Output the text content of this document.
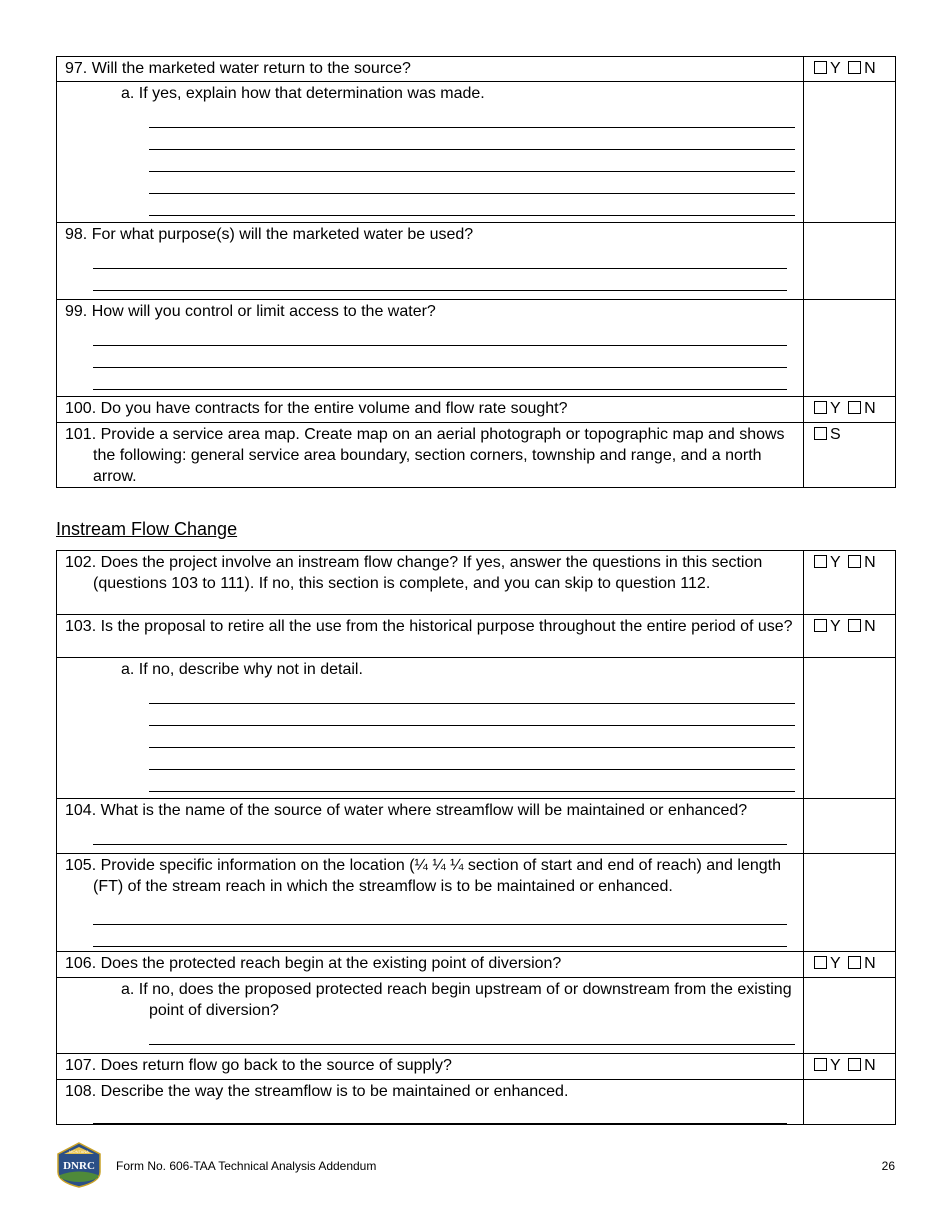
97. Will the marketed water return to the source?	Y N

a. If yes, explain how that determination was made.	

98. For what purpose(s) will the marketed water be used?	

99. How will you control or limit access to the water?	

100. Do you have contracts for the entire volume and flow rate sought?	Y N

101. Provide a service area map. Create map on an aerial photograph or topographic map and shows the following: general service area boundary, section corners, township and range, and a north arrow.	S
Instream Flow Change
102. Does the project involve an instream flow change? If yes, answer the questions in this section (questions 103 to 111). If no, this section is complete, and you can skip to question 112.	Y N

103. Is the proposal to retire all the use from the historical purpose throughout the entire period of use?	Y N

a. If no, describe why not in detail.	

104. What is the name of the source of water where streamflow will be maintained or enhanced?	

105. Provide specific information on the location (¼ ¼ ¼ section of start and end of reach) and length (FT) of the stream reach in which the streamflow is to be maintained or enhanced.	

106. Does the protected reach begin at the existing point of diversion?	Y N

a. If no, does the proposed protected reach begin upstream of or downstream from the existing point of diversion?	

107. Does return flow go back to the source of supply?	Y N

108. Describe the way the streamflow is to be maintained or enhanced.	

MONTANA
DNRC Form No. 606-TAA Technical Analysis Addendum	26
